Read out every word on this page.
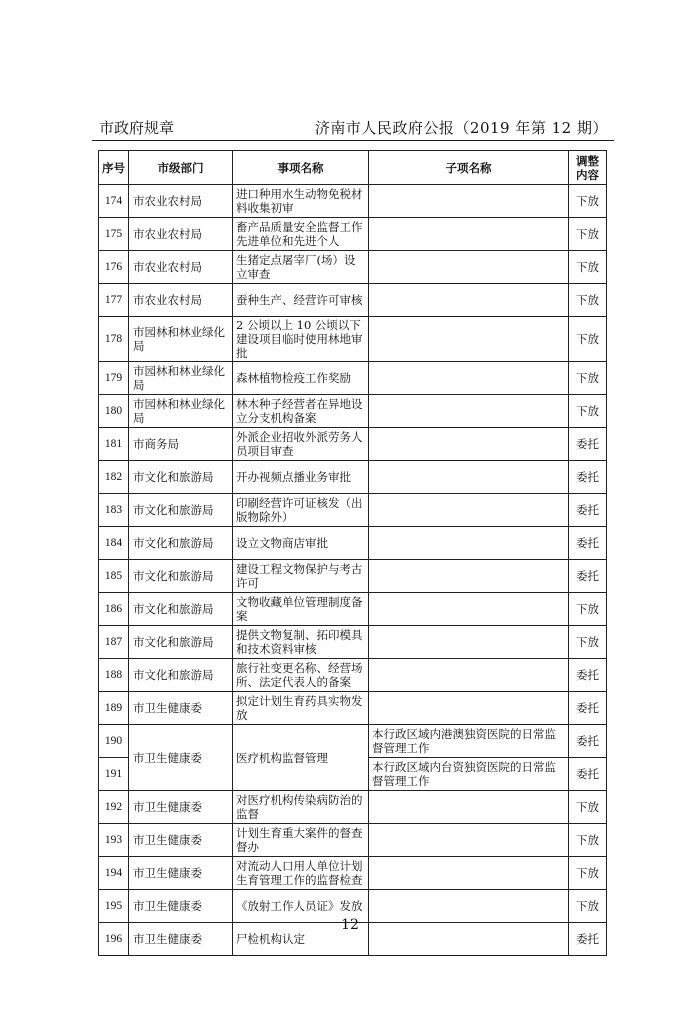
市政府规章	济南市人民政府公报（2019 年第 12 期）
序号	市级部门	事项名称	子项名称	调整内容
174	市农业农村局	进口种用水生动物免税材料收集初审		下放
175	市农业农村局	畜产品质量安全监督工作先进单位和先进个人		下放
176	市农业农村局	生猪定点屠宰厂(场）设立审查		下放
177	市农业农村局	蚕种生产、经营许可审核		下放
178	市园林和林业绿化局	2 公顷以上 10 公顷以下建设项目临时使用林地审批		下放
179	市园林和林业绿化局	森林植物检疫工作奖励		下放
180	市园林和林业绿化局	林木种子经营者在异地设立分支机构备案		下放
181	市商务局	外派企业招收外派劳务人员项目审查		委托
182	市文化和旅游局	开办视频点播业务审批		委托
183	市文化和旅游局	印刷经营许可证核发（出版物除外）		委托
184	市文化和旅游局	设立文物商店审批		委托
185	市文化和旅游局	建设工程文物保护与考古许可		委托
186	市文化和旅游局	文物收藏单位管理制度备案		下放
187	市文化和旅游局	提供文物复制、拓印模具和技术资料审核		下放
188	市文化和旅游局	旅行社变更名称、经营场所、法定代表人的备案		委托
189	市卫生健康委	拟定计划生育药具实物发放		委托
190	市卫生健康委	医疗机构监督管理	本行政区域内港澳独资医院的日常监督管理工作	委托
191			本行政区域内台资独资医院的日常监督管理工作	委托
192	市卫生健康委	对医疗机构传染病防治的监督		下放
193	市卫生健康委	计划生育重大案件的督查督办		下放
194	市卫生健康委	对流动人口用人单位计划生育管理工作的监督检查		下放
195	市卫生健康委	《放射工作人员证》发放		下放
196	市卫生健康委	尸检机构认定		委托
12
